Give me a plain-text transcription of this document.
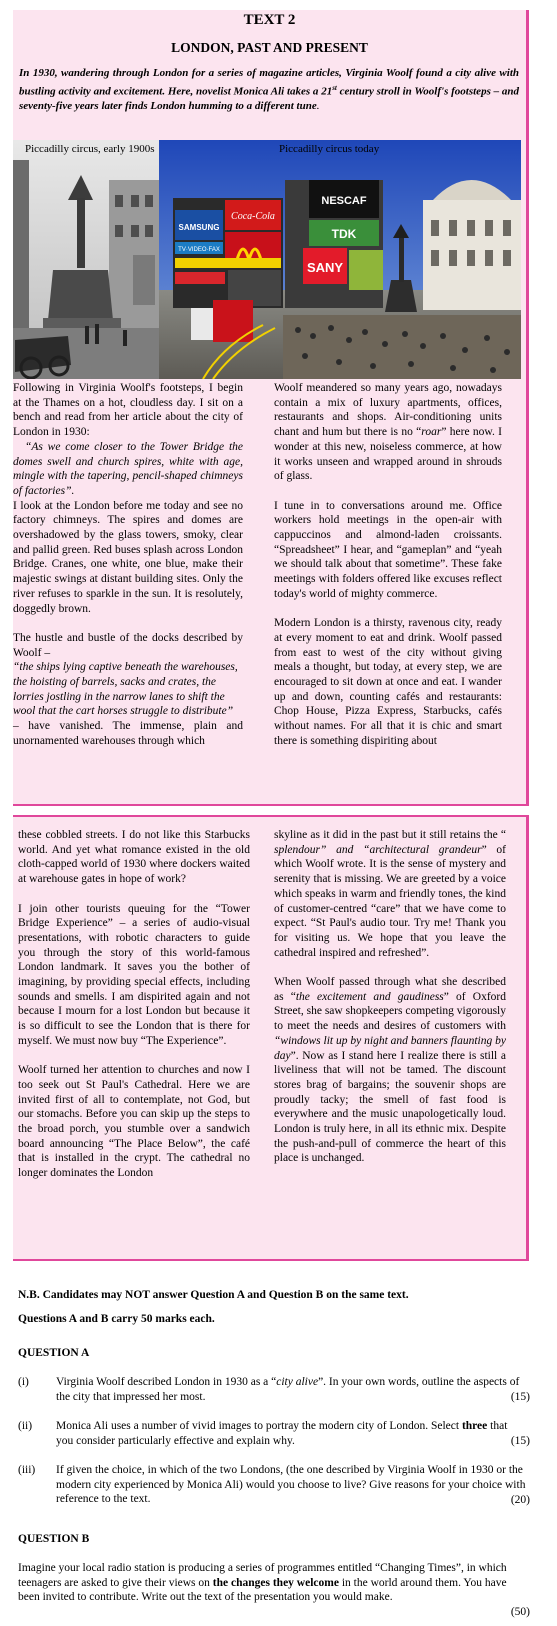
TEXT 2
LONDON, PAST AND PRESENT

In 1930, wandering through London for a series of magazine articles, Virginia Woolf found a city alive with bustling activity and excitement. Here, novelist Monica Ali takes a 21st century stroll in Woolf's footsteps – and seventy-five years later finds London humming to a different tune.

SAMSUNG
Coca-Cola
TV·VIDEO·FAX
NESCAF
TDK
SANY
Piccadilly circus, early 1900s	Piccadilly circus today

Following in Virginia Woolf's footsteps, I begin at the Thames on a hot, cloudless day. I sit on a bench and read from her article about the city of London in 1930:

“As we come closer to the Tower Bridge the domes swell and church spires, white with age, mingle with the tapering, pencil-shaped chimneys of factories”.

I look at the London before me today and see no factory chimneys. The spires and domes are overshadowed by the glass towers, smoky, clear and pallid green. Red buses splash across London Bridge. Cranes, one white, one blue, make their majestic swings at distant building sites. Only the river refuses to sparkle in the sun. It is resolutely, doggedly brown.

The hustle and bustle of the docks described by Woolf –

“the ships lying captive beneath the warehouses, the hoisting of barrels, sacks and crates, the lorries jostling in the narrow lanes to shift the wool that the cart horses struggle to distribute”

– have vanished. The immense, plain and unornamented warehouses through which

Woolf meandered so many years ago, nowadays contain a mix of luxury apartments, offices, restaurants and shops. Air-conditioning units chant and hum but there is no “roar” here now. I wonder at this new, noiseless commerce, at how it works unseen and wrapped around in shrouds of glass.

I tune in to conversations around me. Office workers hold meetings in the open-air with cappuccinos and almond-laden croissants. “Spreadsheet” I hear, and “gameplan” and “yeah we should talk about that sometime”. These fake meetings with folders offered like excuses reflect today's world of mighty commerce.

Modern London is a thirsty, ravenous city, ready at every moment to eat and drink. Woolf passed from east to west of the city without giving meals a thought, but today, at every step, we are encouraged to sit down at once and eat. I wander up and down, counting cafés and restaurants: Chop House, Pizza Express, Starbucks, cafés without names. For all that it is chic and smart there is something dispiriting about

these cobbled streets. I do not like this Starbucks world. And yet what romance existed in the old cloth-capped world of 1930 where dockers waited at warehouse gates in hope of work?

I join other tourists queuing for the “Tower Bridge Experience” – a series of audio-visual presentations, with robotic characters to guide you through the story of this world-famous London landmark. It saves you the bother of imagining, by providing special effects, including sounds and smells. I am dispirited again and not because I mourn for a lost London but because it is so difficult to see the London that is there for myself. We must now buy “The Experience”.

Woolf turned her attention to churches and now I too seek out St Paul's Cathedral. Here we are invited first of all to contemplate, not God, but our stomachs. Before you can skip up the steps to the broad porch, you stumble over a sandwich board announcing “The Place Below”, the café that is installed in the crypt. The cathedral no longer dominates the London

skyline as it did in the past but it still retains the “ splendour” and “architectural grandeur” of which Woolf wrote. It is the sense of mystery and serenity that is missing. We are greeted by a voice which speaks in warm and friendly tones, the kind of customer-centred “care” that we have come to expect. “St Paul's audio tour. Try me! Thank you for visiting us. We hope that you leave the cathedral inspired and refreshed”.

When Woolf passed through what she described as “the excitement and gaudiness” of Oxford Street, she saw shopkeepers competing vigorously to meet the needs and desires of customers with “windows lit up by night and banners flaunting by day”. Now as I stand here I realize there is still a liveliness that will not be tamed. The discount stores brag of bargains; the souvenir shops are proudly tacky; the smell of fast food is everywhere and the music unapologetically loud. London is truly here, in all its ethnic mix. Despite the push-and-pull of commerce the heart of this place is unchanged.

N.B. Candidates may NOT answer Question A and Question B on the same text.
Questions A and B carry 50 marks each.
QUESTION A
(i) Virginia Woolf described London in 1930 as a “city alive”. In your own words, outline the aspects of the city that impressed her most.	(15)
(ii) Monica Ali uses a number of vivid images to portray the modern city of London. Select three that you consider particularly effective and explain why.	(15)
(iii) If given the choice, in which of the two Londons, (the one described by Virginia Woolf in 1930 or the modern city experienced by Monica Ali) would you choose to live? Give reasons for your choice with reference to the text.	(20)
QUESTION B
Imagine your local radio station is producing a series of programmes entitled “Changing Times”, in which teenagers are asked to give their views on the changes they welcome in the world around them. You have been invited to contribute. Write out the text of the presentation you would make.
(50)
